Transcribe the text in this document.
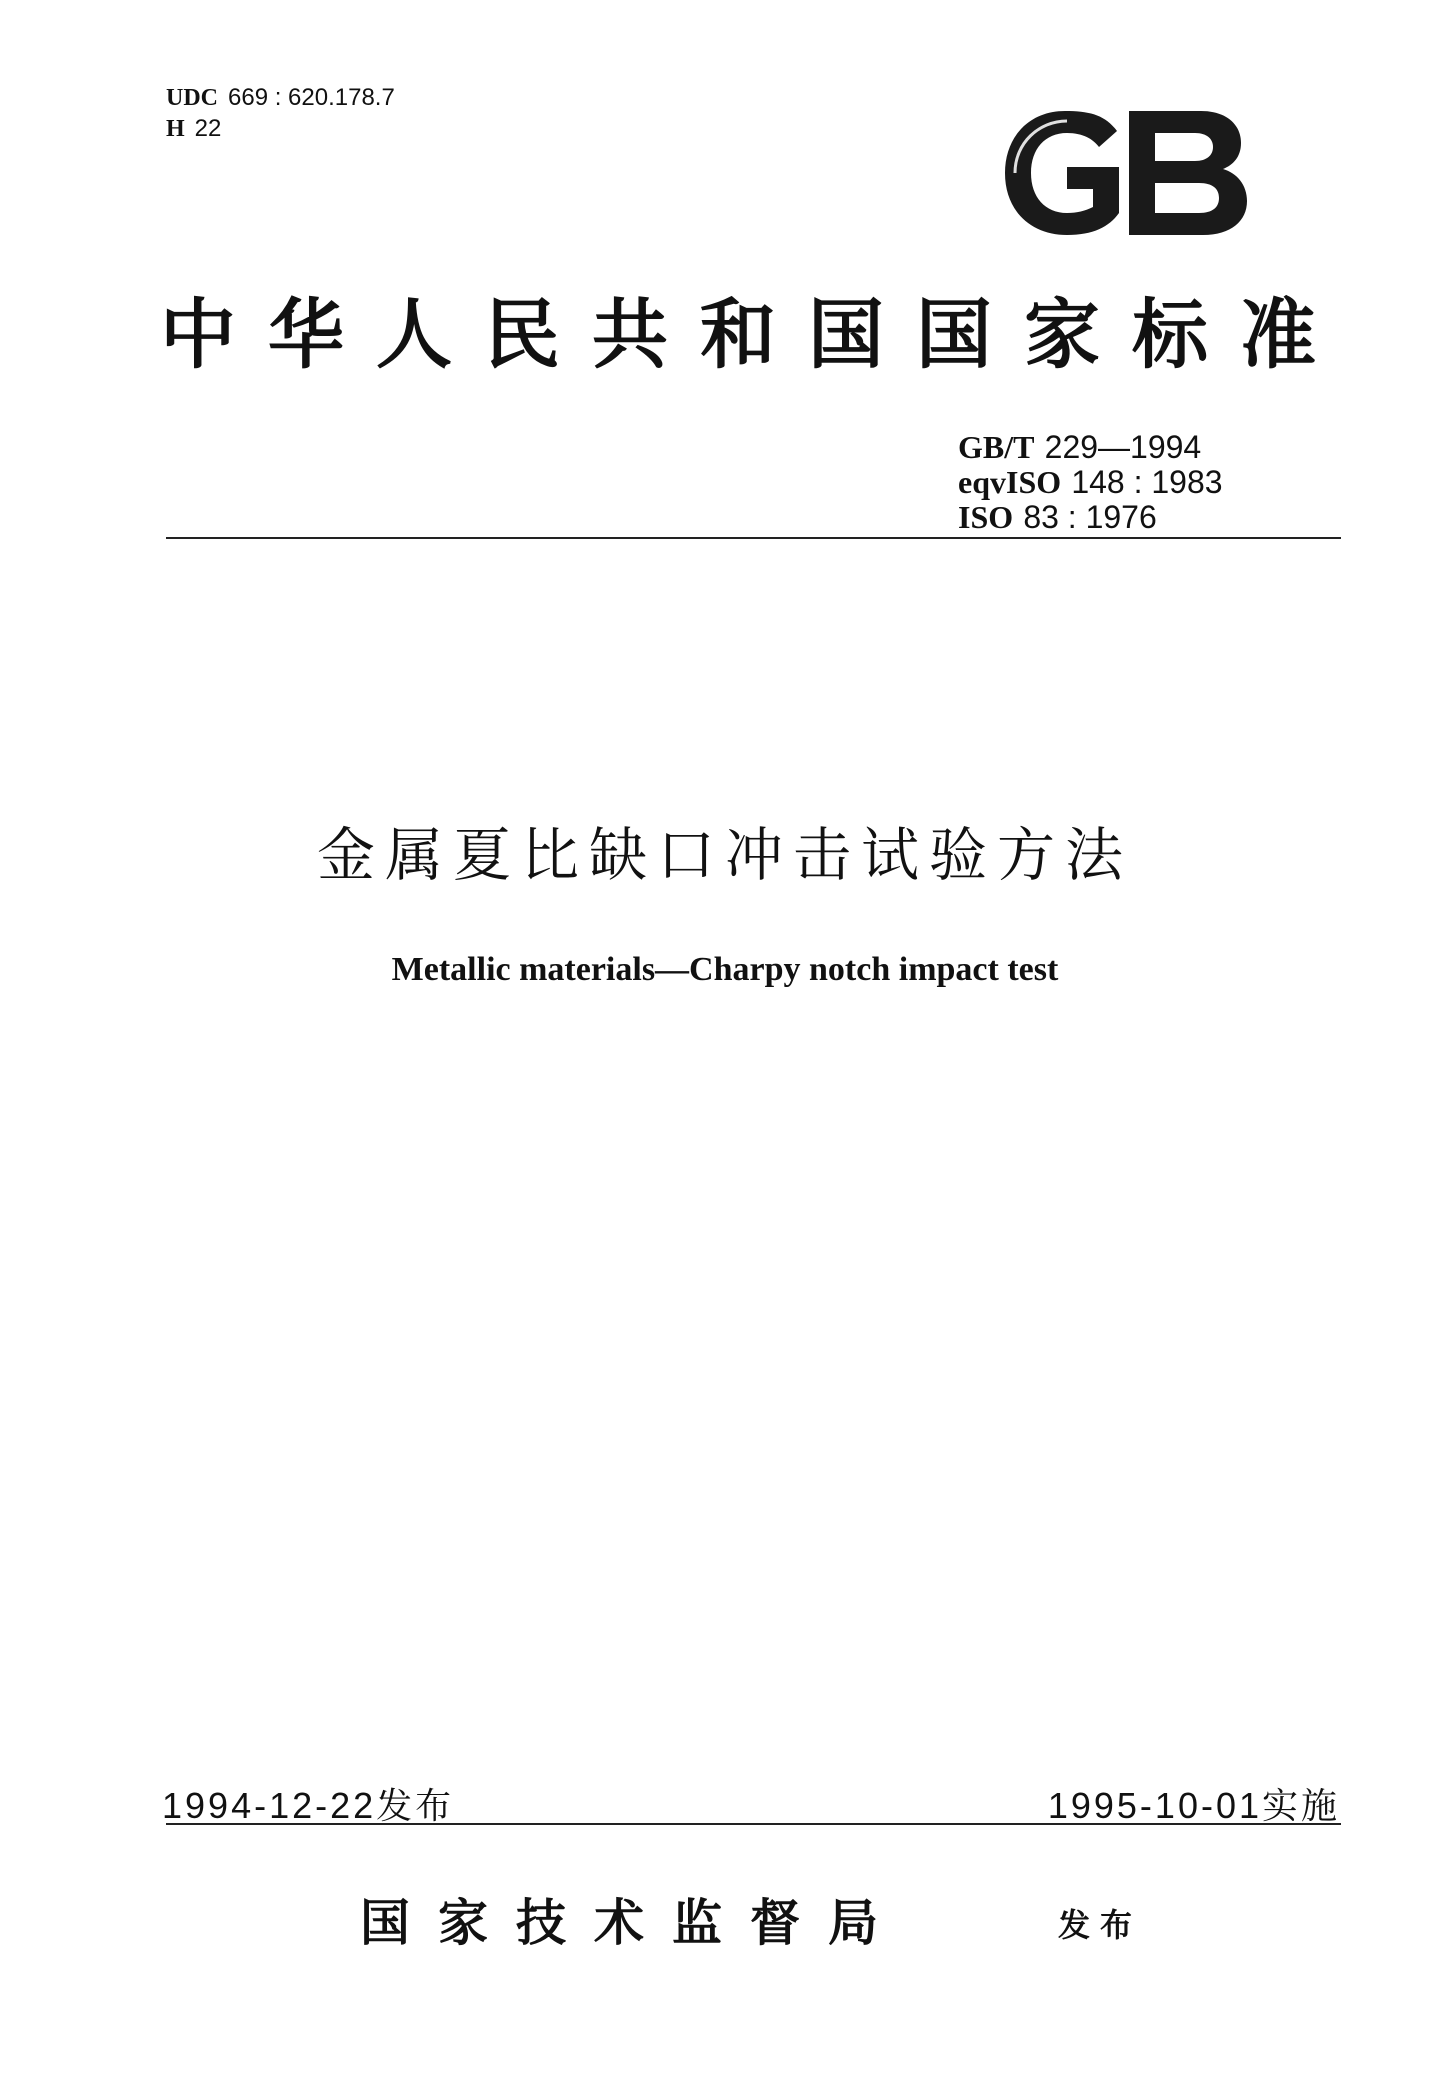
UDC 669 : 620.178.7
H 22
中华人民共和国国家标准
GB/T 229—1994
eqvISO 148 : 1983
ISO 83 : 1976
金属夏比缺口冲击试验方法
Metallic materials—Charpy notch impact test
1994-12-22发布	1995-10-01实施
国家技术监督局	发布
